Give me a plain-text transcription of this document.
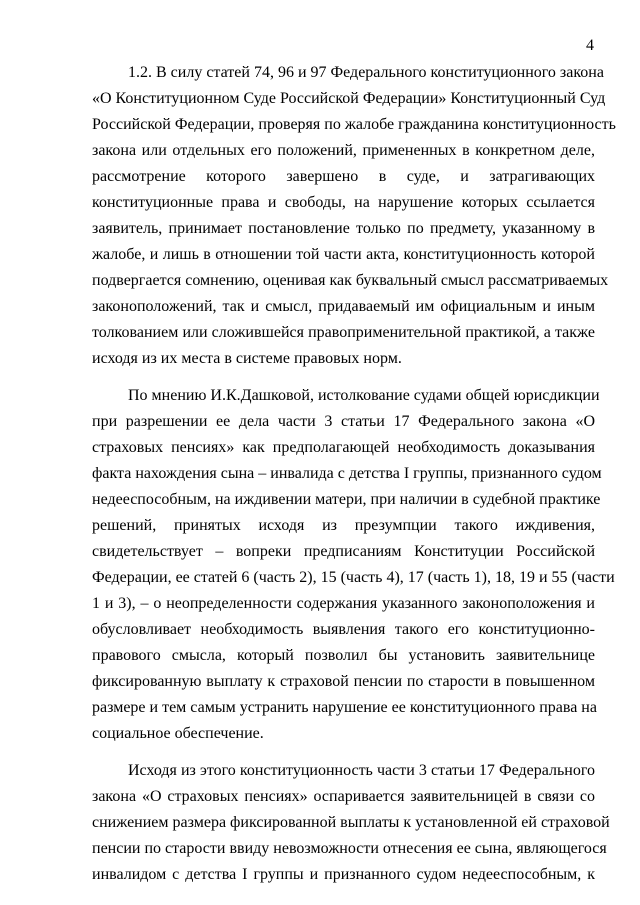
4
1.2. В силу статей 74, 96 и 97 Федерального конституционного закона
«О Конституционном Суде Российской Федерации» Конституционный Суд
Российской Федерации, проверяя по жалобе гражданина конституционность
закона или отдельных его положений, примененных в конкретном деле,
рассмотрение которого завершено в суде, и затрагивающих
конституционные права и свободы, на нарушение которых ссылается
заявитель, принимает постановление только по предмету, указанному в
жалобе, и лишь в отношении той части акта, конституционность которой
подвергается сомнению, оценивая как буквальный смысл рассматриваемых
законоположений, так и смысл, придаваемый им официальным и иным
толкованием или сложившейся правоприменительной практикой, а также
исходя из их места в системе правовых норм.
По мнению И.К.Дашковой, истолкование судами общей юрисдикции
при разрешении ее дела части 3 статьи 17 Федерального закона «О
страховых пенсиях» как предполагающей необходимость доказывания
факта нахождения сына – инвалида с детства I группы, признанного судом
недееспособным, на иждивении матери, при наличии в судебной практике
решений, принятых исходя из презумпции такого иждивения,
свидетельствует – вопреки предписаниям Конституции Российской
Федерации, ее статей 6 (часть 2), 15 (часть 4), 17 (часть 1), 18, 19 и 55 (части
1 и 3), – о неопределенности содержания указанного законоположения и
обусловливает необходимость выявления такого его конституционно-
правового смысла, который позволил бы установить заявительнице
фиксированную выплату к страховой пенсии по старости в повышенном
размере и тем самым устранить нарушение ее конституционного права на
социальное обеспечение.
Исходя из этого конституционность части 3 статьи 17 Федерального
закона «О страховых пенсиях» оспаривается заявительницей в связи со
снижением размера фиксированной выплаты к установленной ей страховой
пенсии по старости ввиду невозможности отнесения ее сына, являющегося
инвалидом с детства I группы и признанного судом недееспособным, к
